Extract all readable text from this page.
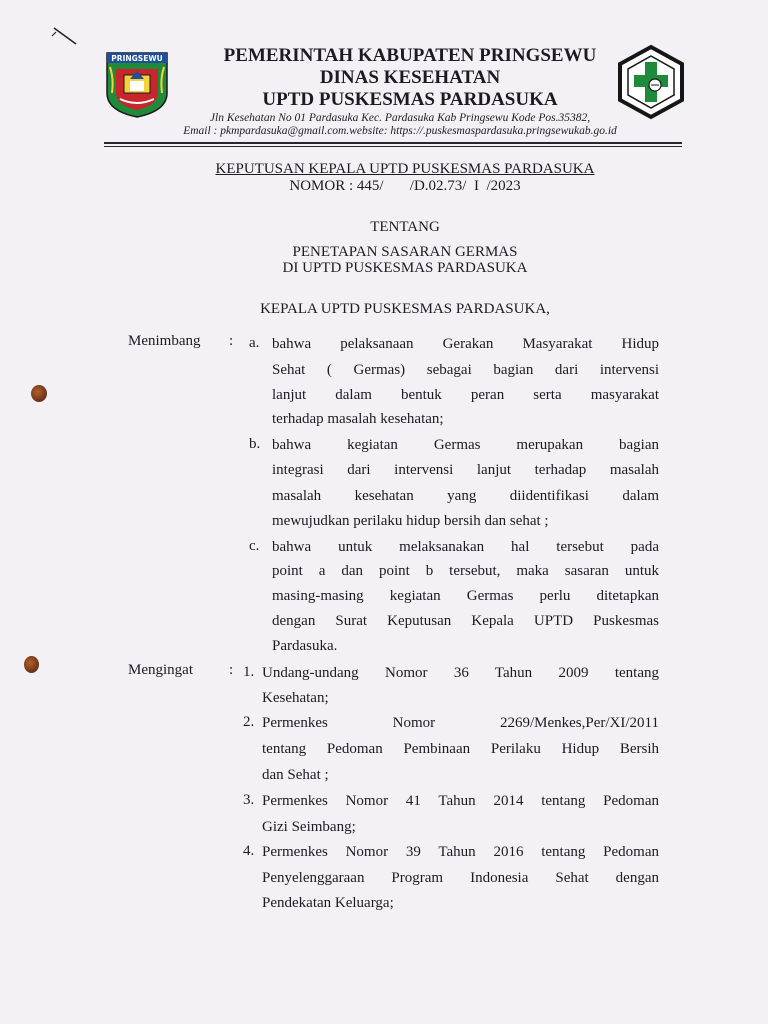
PRINGSEWU	PEMERINTAH KABUPATEN PRINGSEWU
DINAS KESEHATAN
UPTD PUSKESMAS PARDASUKA
Jln Kesehatan No 01 Pardasuka Kec. Pardasuka Kab Pringsewu Kode Pos.35382,
Email : pkmpardasuka@gmail.com.website: https://.puskesmaspardasuka.pringsewukab.go.id
KEPUTUSAN KEPALA UPTD PUSKESMAS PARDASUKA
NOMOR : 445/       /D.02.73/  I  /2023
TENTANG
PENETAPAN SASARAN GERMAS
DI UPTD PUSKESMAS PARDASUKA
KEPALA UPTD PUSKESMAS PARDASUKA,
Menimbang : a. bahwa pelaksanaan Gerakan Masyarakat Hidup
Sehat ( Germas) sebagai bagian dari intervensi
lanjut dalam bentuk peran serta masyarakat
terhadap masalah kesehatan;
b. bahwa kegiatan Germas merupakan bagian
integrasi dari intervensi lanjut terhadap masalah
masalah kesehatan yang diidentifikasi dalam
mewujudkan perilaku hidup bersih dan sehat ;
c. bahwa untuk melaksanakan hal tersebut pada
point a dan point b tersebut, maka sasaran untuk
masing-masing kegiatan Germas perlu ditetapkan
dengan Surat Keputusan Kepala UPTD Puskesmas
Pardasuka.
Mengingat : 1. Undang-undang Nomor 36 Tahun 2009 tentang
Kesehatan;
2. Permenkes Nomor 2269/Menkes,Per/XI/2011
tentang Pedoman Pembinaan Perilaku Hidup Bersih
dan Sehat ;
3. Permenkes Nomor 41 Tahun 2014 tentang Pedoman
Gizi Seimbang;
4. Permenkes Nomor 39 Tahun 2016 tentang Pedoman
Penyelenggaraan Program Indonesia Sehat dengan
Pendekatan Keluarga;
